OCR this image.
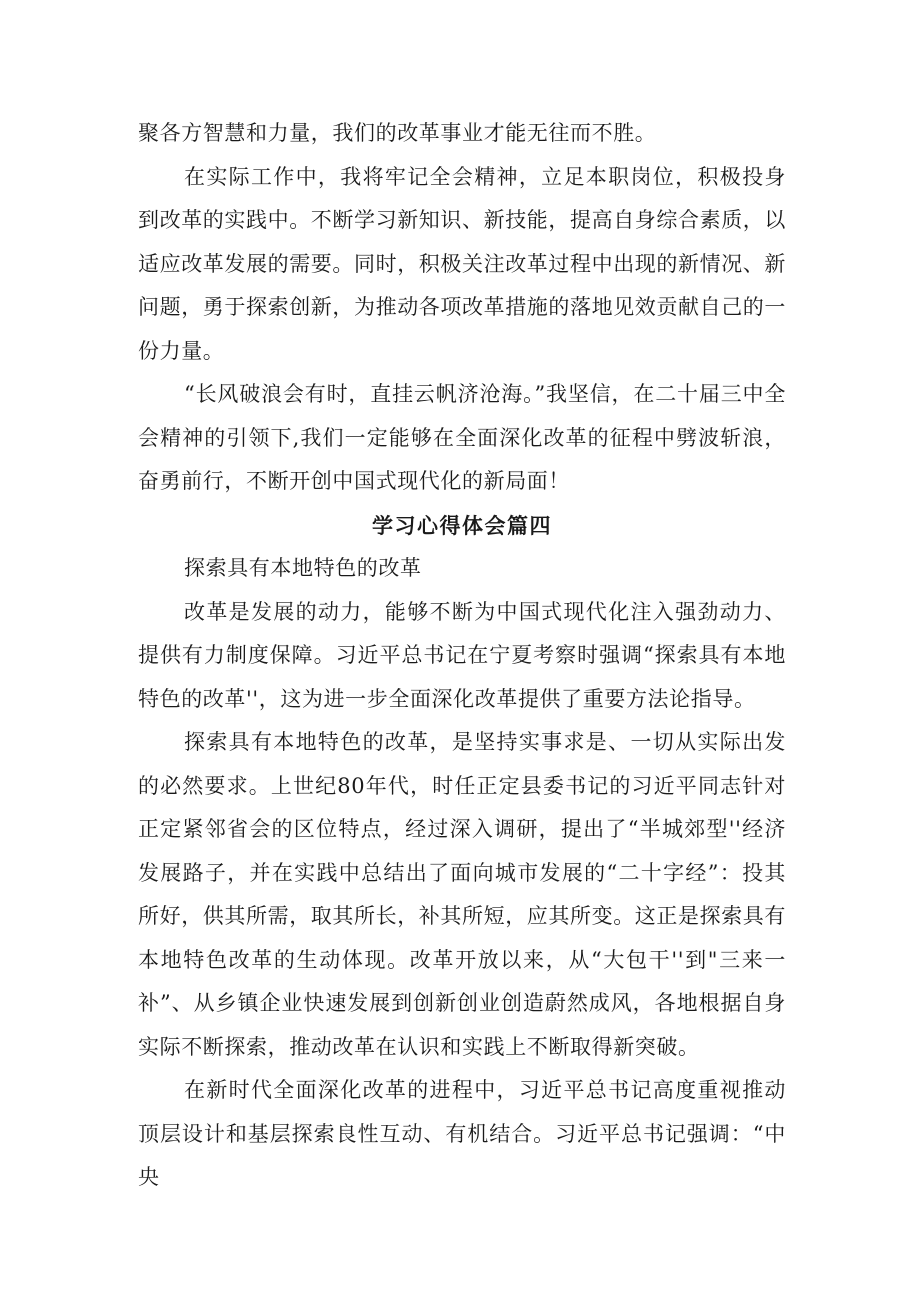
聚各方智慧和力量，我们的改革事业才能无往而不胜。

在实际工作中，我将牢记全会精神，立足本职岗位，积极投身到改革的实践中。不断学习新知识、新技能，提高自身综合素质，以适应改革发展的需要。同时，积极关注改革过程中出现的新情况、新问题，勇于探索创新，为推动各项改革措施的落地见效贡献自己的一份力量。

“长风破浪会有时，直挂云帆济沧海。”我坚信，在二十届三中全会精神的引领下,我们一定能够在全面深化改革的征程中劈波斩浪，奋勇前行，不断开创中国式现代化的新局面！

学习心得体会篇四

探索具有本地特色的改革

改革是发展的动力，能够不断为中国式现代化注入强劲动力、提供有力制度保障。习近平总书记在宁夏考察时强调“探索具有本地特色的改革''，这为进一步全面深化改革提供了重要方法论指导。

探索具有本地特色的改革，是坚持实事求是、一切从实际出发的必然要求。上世纪80年代，时任正定县委书记的习近平同志针对正定紧邻省会的区位特点，经过深入调研，提出了“半城郊型''经济发展路子，并在实践中总结出了面向城市发展的“二十字经”：投其所好，供其所需，取其所长，补其所短，应其所变。这正是探索具有本地特色改革的生动体现。改革开放以来，从“大包干''到"三来一补”、从乡镇企业快速发展到创新创业创造蔚然成风，各地根据自身实际不断探索，推动改革在认识和实践上不断取得新突破。

在新时代全面深化改革的进程中，习近平总书记高度重视推动顶层设计和基层探索良性互动、有机结合。习近平总书记强调：“中央
